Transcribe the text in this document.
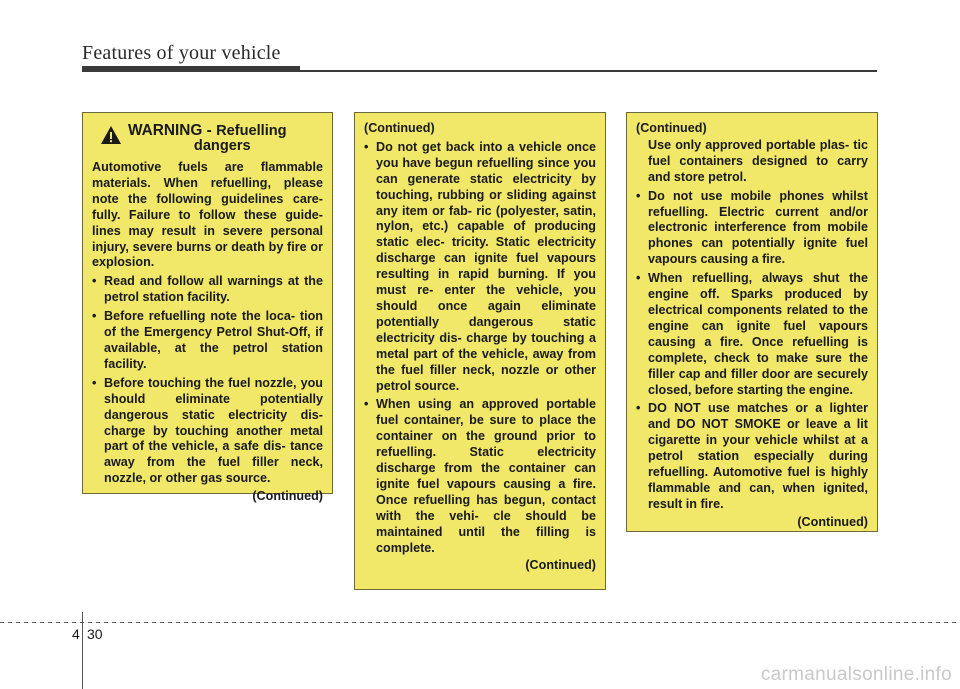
Features of your vehicle
WARNING - Refuelling
dangers

Automotive fuels are flammable materials. When refuelling, please note the following guidelines care- fully. Failure to follow these guide- lines may result in severe personal injury, severe burns or death by fire or explosion.

• Read and follow all warnings at the petrol station facility.
• Before refuelling note the loca- tion of the Emergency Petrol Shut-Off, if available, at the petrol station facility.
• Before touching the fuel nozzle, you should eliminate potentially dangerous static electricity dis- charge by touching another metal part of the vehicle, a safe dis- tance away from the fuel filler neck, nozzle, or other gas source.

(Continued)

(Continued)

• Do not get back into a vehicle once you have begun refuelling since you can generate static electricity by touching, rubbing or sliding against any item or fab- ric (polyester, satin, nylon, etc.) capable of producing static elec- tricity. Static electricity discharge can ignite fuel vapours resulting in rapid burning. If you must re- enter the vehicle, you should once again eliminate potentially dangerous static electricity dis- charge by touching a metal part of the vehicle, away from the fuel filler neck, nozzle or other petrol source.
• When using an approved portable fuel container, be sure to place the container on the ground prior to refuelling. Static electricity discharge from the container can ignite fuel vapours causing a fire. Once refuelling has begun, contact with the vehi- cle should be maintained until the filling is complete.

(Continued)

(Continued)

Use only approved portable plas- tic fuel containers designed to carry and store petrol.

• Do not use mobile phones whilst refuelling. Electric current and/or electronic interference from mobile phones can potentially ignite fuel vapours causing a fire.
• When refuelling, always shut the engine off. Sparks produced by electrical components related to the engine can ignite fuel vapours causing a fire. Once refuelling is complete, check to make sure the filler cap and filler door are securely closed, before starting the engine.
• DO NOT use matches or a lighter and DO NOT SMOKE or leave a lit cigarette in your vehicle whilst at a petrol station especially during refuelling. Automotive fuel is highly flammable and can, when ignited, result in fire.

(Continued)

4 30
carmanualsonline.info
